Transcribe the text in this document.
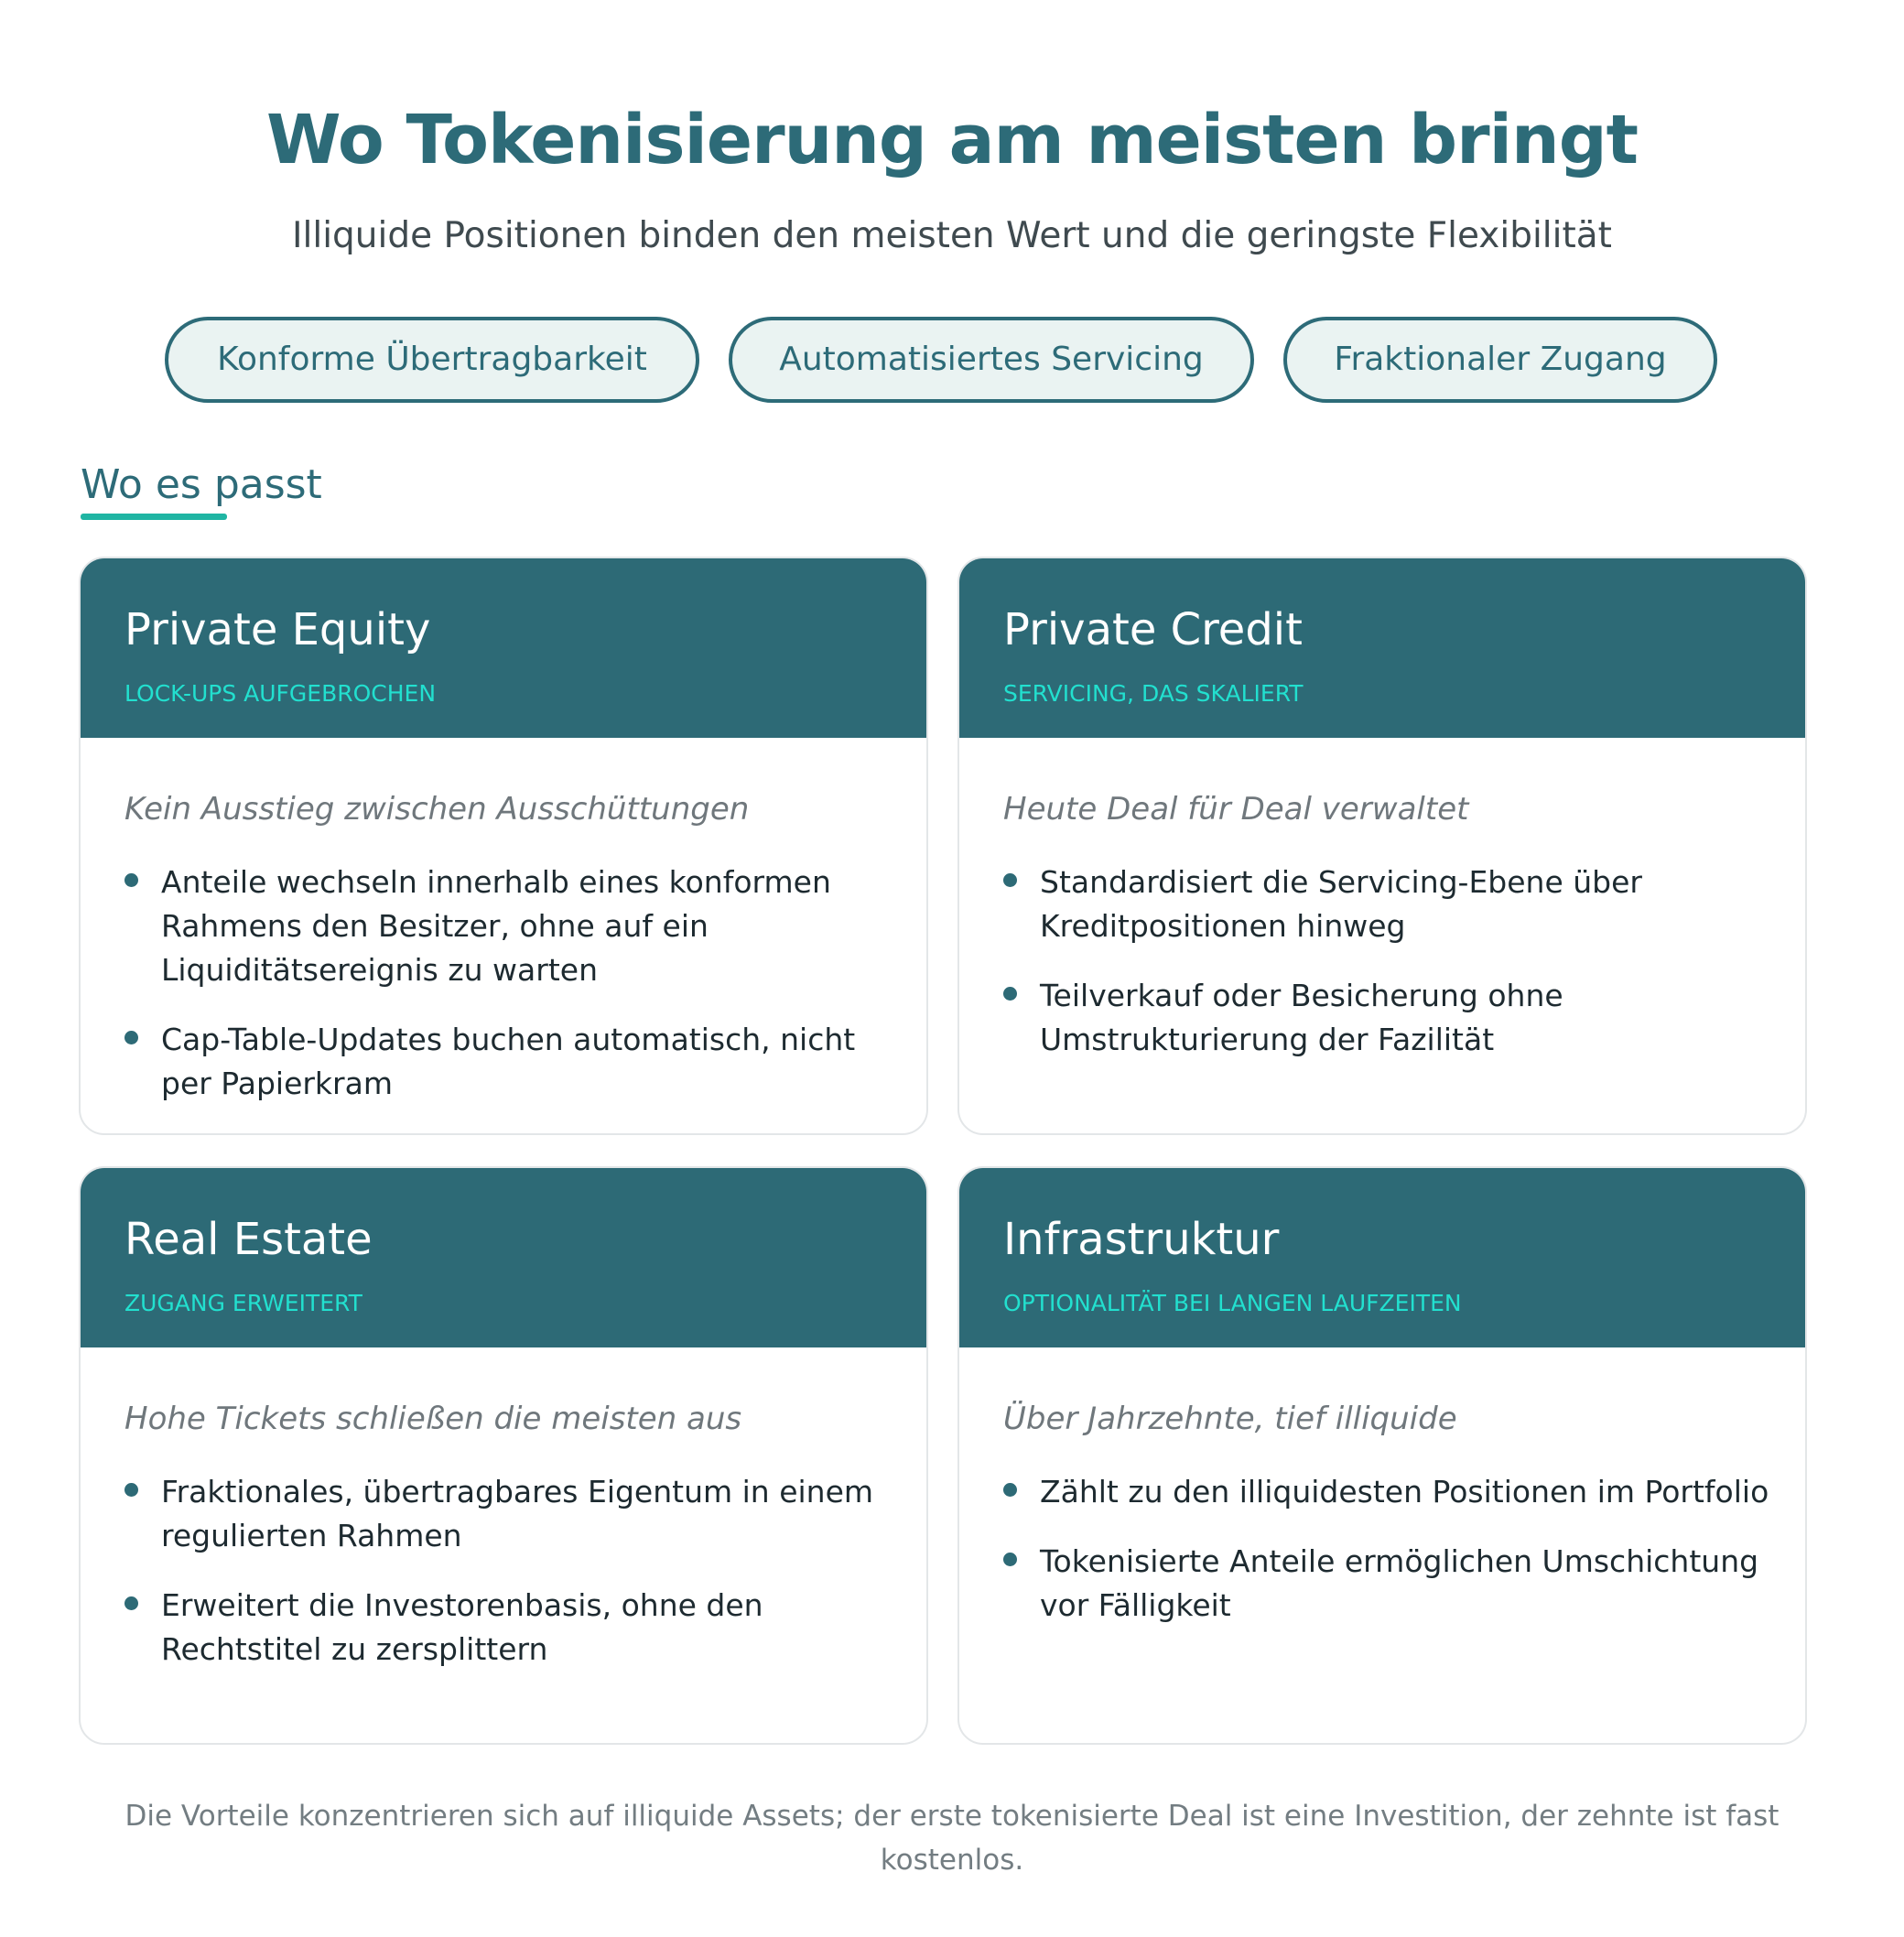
Wo Tokenisierung am meisten bringt
Illiquide Positionen binden den meisten Wert und die geringste Flexibilität
Konforme Übertragbarkeit	Automatisiertes Servicing	Fraktionaler Zugang
Wo es passt
Private Equity
LOCK-UPS AUFGEBROCHEN
Kein Ausstieg zwischen Ausschüttungen
Anteile wechseln innerhalb eines konformen Rahmens den Besitzer, ohne auf ein Liquiditätsereignis zu warten
Cap-Table-Updates buchen automatisch, nicht per Papierkram
Private Credit
SERVICING, DAS SKALIERT
Heute Deal für Deal verwaltet
Standardisiert die Servicing-Ebene über Kreditpositionen hinweg
Teilverkauf oder Besicherung ohne Umstrukturierung der Fazilität
Real Estate
ZUGANG ERWEITERT
Hohe Tickets schließen die meisten aus
Fraktionales, übertragbares Eigentum in einem regulierten Rahmen
Erweitert die Investorenbasis, ohne den Rechtstitel zu zersplittern
Infrastruktur
OPTIONALITÄT BEI LANGEN LAUFZEITEN
Über Jahrzehnte, tief illiquide
Zählt zu den illiquidesten Positionen im Portfolio
Tokenisierte Anteile ermöglichen Umschichtung vor Fälligkeit
Die Vorteile konzentrieren sich auf illiquide Assets; der erste tokenisierte Deal ist eine Investition, der zehnte ist fast kostenlos.
